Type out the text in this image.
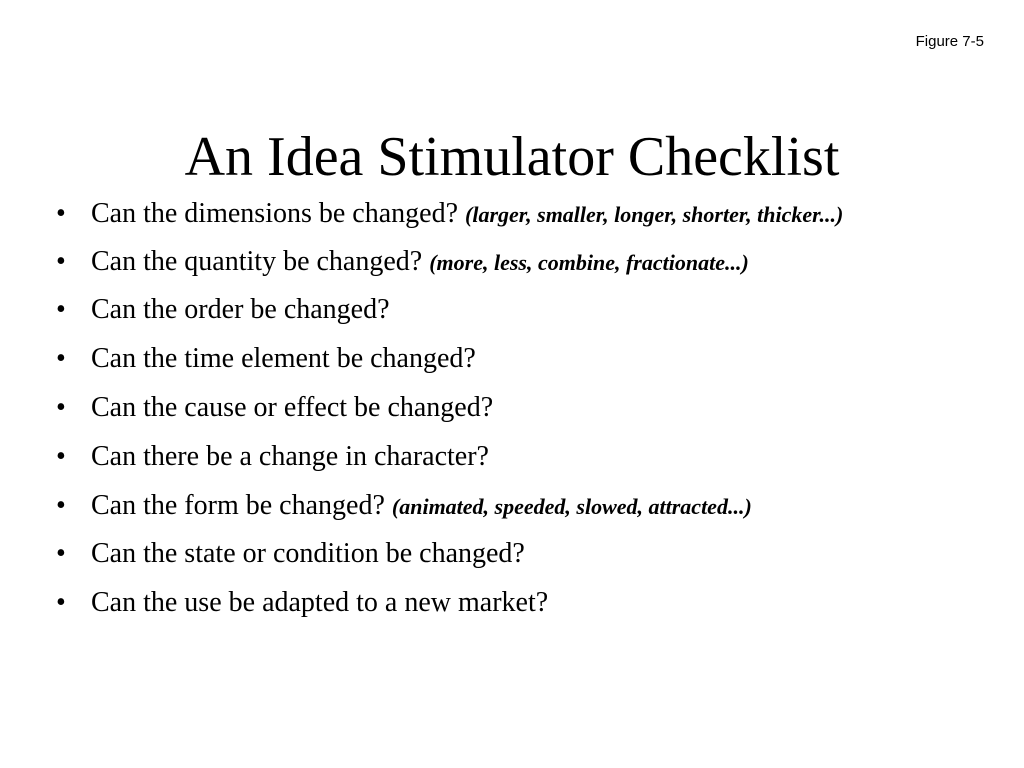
Figure 7-5
An Idea Stimulator Checklist
• Can the dimensions be changed? (larger, smaller, longer, shorter, thicker...)
• Can the quantity be changed? (more, less, combine, fractionate...)
• Can the order be changed?
• Can the time element be changed?
• Can the cause or effect be changed?
• Can there be a change in character?
• Can the form be changed? (animated, speeded, slowed, attracted...)
• Can the state or condition be changed?
• Can the use be adapted to a new market?
